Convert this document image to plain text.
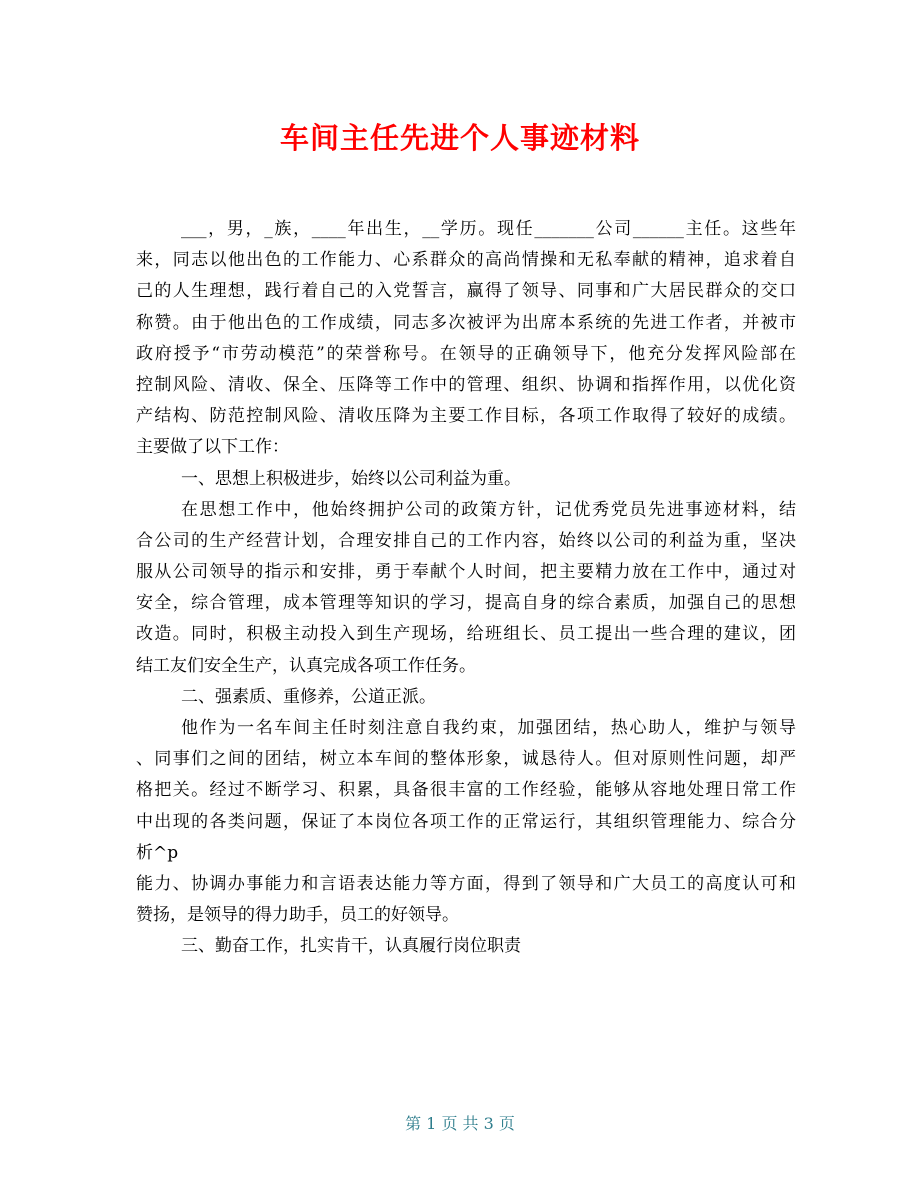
车间主任先进个人事迹材料
___，男，_族，____年出生，__学历。现任_______公司______主任。这些年
来，同志以他出色的工作能力、心系群众的高尚情操和无私奉献的精神，追求着自
己的人生理想，践行着自己的入党誓言，赢得了领导、同事和广大居民群众的交口
称赞。由于他出色的工作成绩，同志多次被评为出席本系统的先进工作者，并被市
政府授予“市劳动模范”的荣誉称号。在领导的正确领导下，他充分发挥风险部在
控制风险、清收、保全、压降等工作中的管理、组织、协调和指挥作用，以优化资
产结构、防范控制风险、清收压降为主要工作目标，各项工作取得了较好的成绩。
主要做了以下工作：
一、思想上积极进步，始终以公司利益为重。
在思想工作中，他始终拥护公司的政策方针，记优秀党员先进事迹材料，结
合公司的生产经营计划，合理安排自己的工作内容，始终以公司的利益为重，坚决
服从公司领导的指示和安排，勇于奉献个人时间，把主要精力放在工作中，通过对
安全，综合管理，成本管理等知识的学习，提高自身的综合素质，加强自己的思想
改造。同时，积极主动投入到生产现场，给班组长、员工提出一些合理的建议，团
结工友们安全生产，认真完成各项工作任务。
二、强素质、重修养，公道正派。
他作为一名车间主任时刻注意自我约束，加强团结，热心助人，维护与领导
、同事们之间的团结，树立本车间的整体形象，诚恳待人。但对原则性问题，却严
格把关。经过不断学习、积累，具备很丰富的工作经验，能够从容地处理日常工作
中出现的各类问题，保证了本岗位各项工作的正常运行，其组织管理能力、综合分
析^p
能力、协调办事能力和言语表达能力等方面，得到了领导和广大员工的高度认可和
赞扬，是领导的得力助手，员工的好领导。
三、勤奋工作，扎实肯干，认真履行岗位职责
第 1 页 共 3 页
